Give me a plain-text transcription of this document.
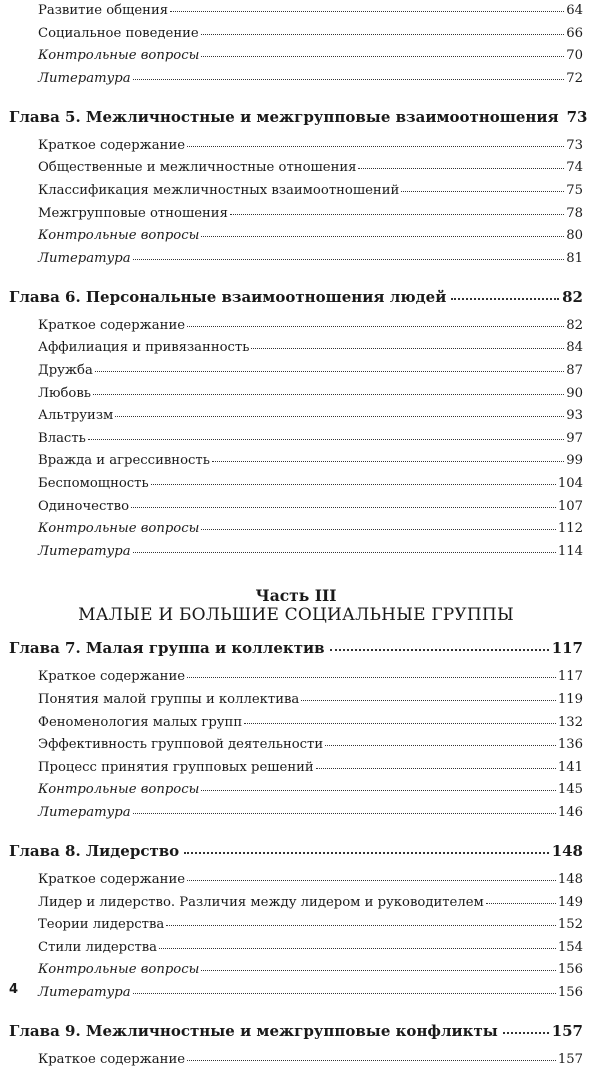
Развитие общения	64
Социальное поведение	66
Контрольные вопросы	70
Литература	72
Глава 5. Межличностные и межгрупповые взаимоотношения 73
Краткое содержание	73
Общественные и межличностные отношения	74
Классификация межличностных взаимоотношений	75
Межгрупповые отношения	78
Контрольные вопросы	80
Литература	81
Глава 6. Персональные взаимоотношения людей	82
Краткое содержание	82
Аффилиация и привязанность	84
Дружба	87
Любовь	90
Альтруизм	93
Власть	97
Вражда и агрессивность	99
Беспомощность	104
Одиночество	107
Контрольные вопросы	112
Литература	114
Часть III
МАЛЫЕ И БОЛЬШИЕ СОЦИАЛЬНЫЕ ГРУППЫ
Глава 7. Малая группа и коллектив	117
Краткое содержание	117
Понятия малой группы и коллектива	119
Феноменология малых групп	132
Эффективность групповой деятельности	136
Процесс принятия групповых решений	141
Контрольные вопросы	145
Литература	146
Глава 8. Лидерство	148
Краткое содержание	148
Лидер и лидерство. Различия между лидером и руководителем	149
Теории лидерства	152
Стили лидерства	154
Контрольные вопросы	156
Литература	156
Глава 9. Межличностные и межгрупповые конфликты	157
Краткое содержание	157
4
